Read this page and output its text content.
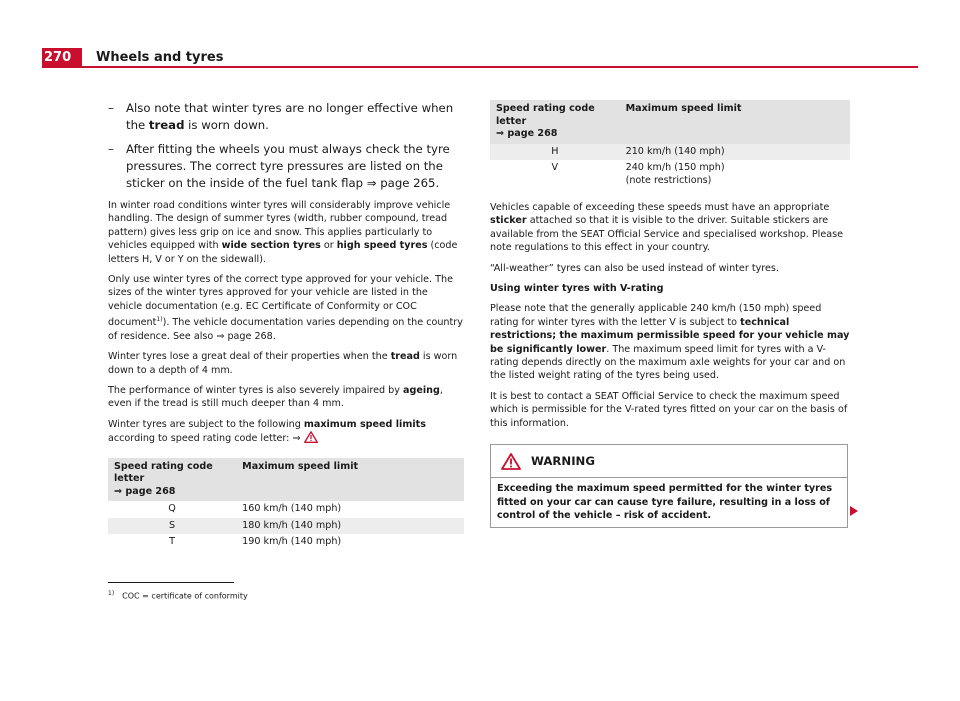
270	Wheels and tyres
– Also note that winter tyres are no longer effective when the tread is worn down.
– After fitting the wheels you must always check the tyre pressures. The correct tyre pressures are listed on the sticker on the inside of the fuel tank flap ⇒ page 265.

In winter road conditions winter tyres will considerably improve vehicle handling. The design of summer tyres (width, rubber compound, tread pattern) gives less grip on ice and snow. This applies particularly to vehicles equipped with wide section tyres or high speed tyres (code letters H, V or Y on the sidewall).

Only use winter tyres of the correct type approved for your vehicle. The sizes of the winter tyres approved for your vehicle are listed in the vehicle documentation (e.g. EC Certificate of Conformity or COC document$^{1)}$). The vehicle documentation varies depending on the country of residence. See also ⇒ page 268.

Winter tyres lose a great deal of their properties when the tread is worn down to a depth of 4 mm.

The performance of winter tyres is also severely impaired by ageing, even if the tread is still much deeper than 4 mm.

Winter tyres are subject to the following maximum speed limits according to speed rating code letter: ⇒

Speed rating code letter
⇒ page 268	Maximum speed limit
Q	160 km/h (140 mph)
S	180 km/h (140 mph)
T	190 km/h (140 mph)
Speed rating code letter
⇒ page 268	Maximum speed limit
H	210 km/h (140 mph)
V	240 km/h (150 mph)
(note restrictions)

Vehicles capable of exceeding these speeds must have an appropriate sticker attached so that it is visible to the driver. Suitable stickers are available from the SEAT Official Service and specialised workshop. Please note regulations to this effect in your country.

“All-weather” tyres can also be used instead of winter tyres.

Using winter tyres with V-rating

Please note that the generally applicable 240 km/h (150 mph) speed rating for winter tyres with the letter V is subject to technical restrictions; the maximum permissible speed for your vehicle may be significantly lower. The maximum speed limit for tyres with a V-rating depends directly on the maximum axle weights for your car and on the listed weight rating of the tyres being used.

It is best to contact a SEAT Official Service to check the maximum speed which is permissible for the V-rated tyres fitted on your car on the basis of this information.

WARNING
Exceeding the maximum speed permitted for the winter tyres fitted on your car can cause tyre failure, resulting in a loss of control of the vehicle – risk of accident.
$^{1)}$ COC = certificate of conformity
